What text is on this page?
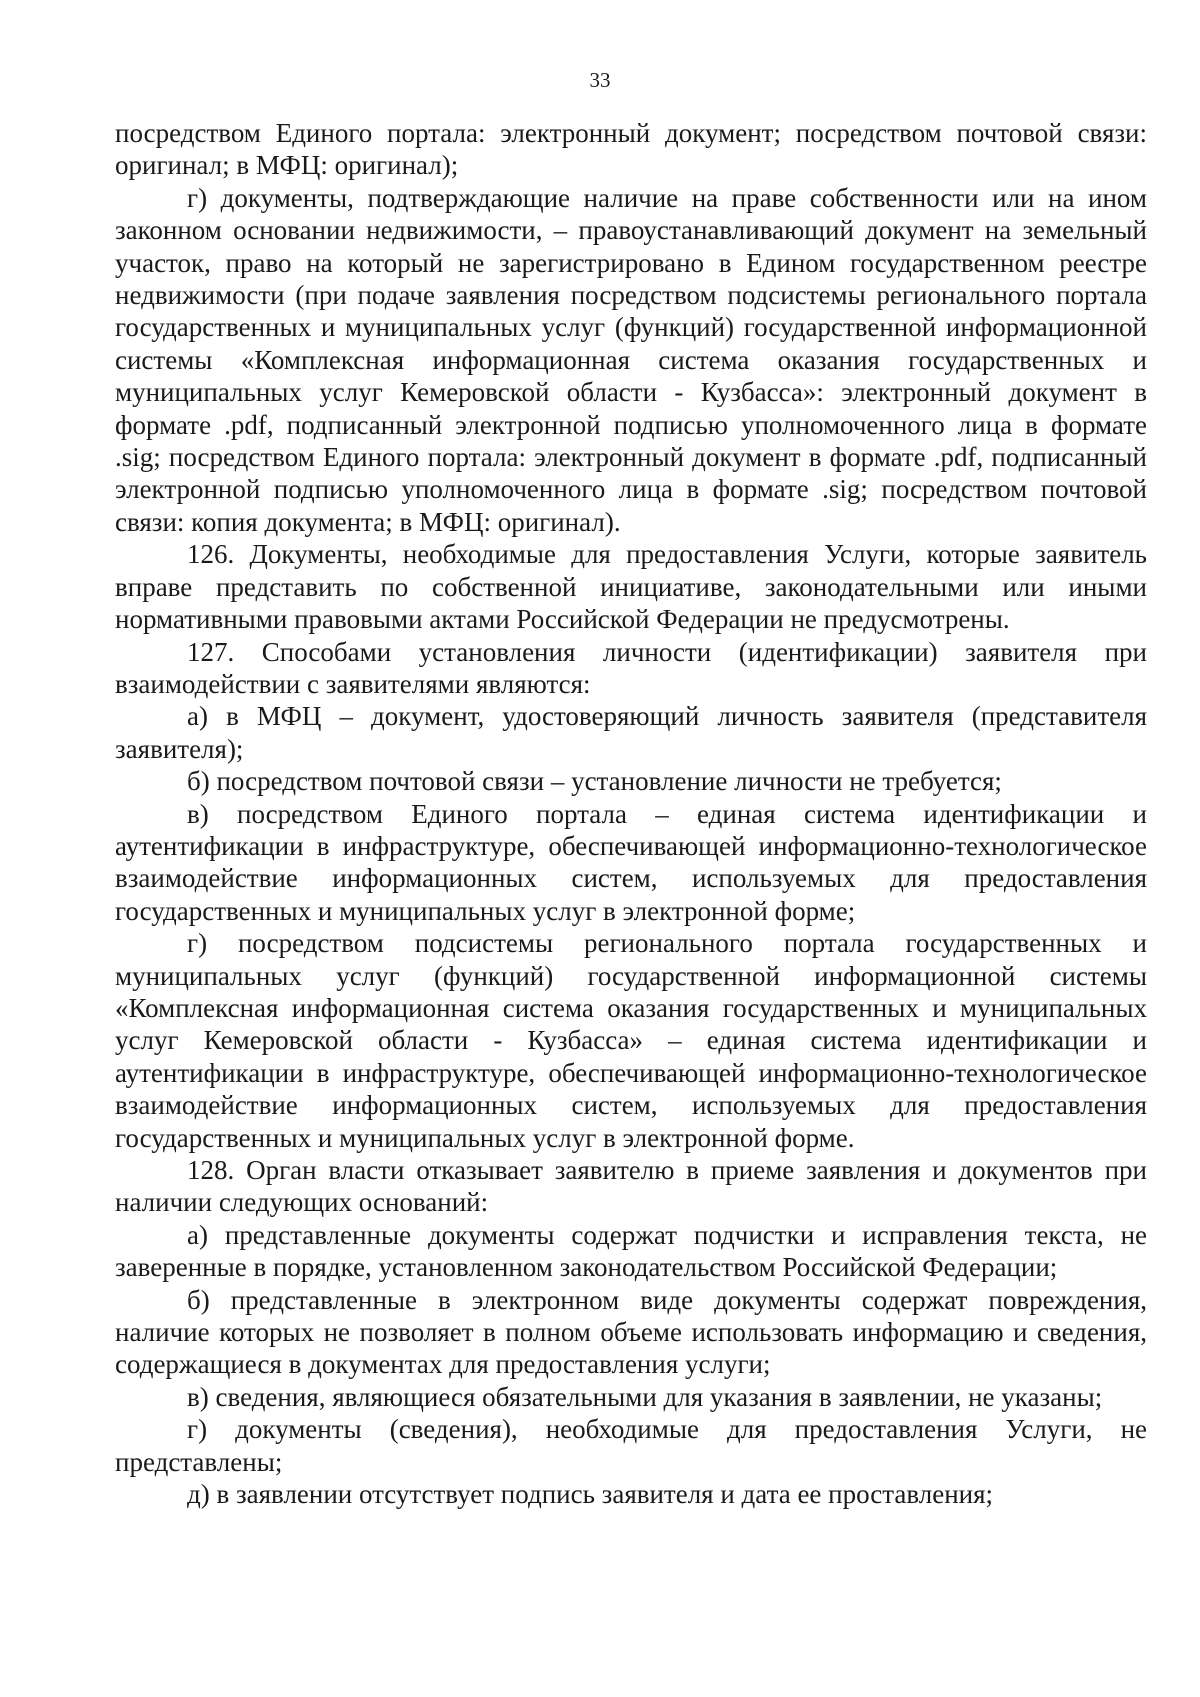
33

посредством Единого портала: электронный документ; посредством почтовой связи: оригинал; в МФЦ: оригинал);

г) документы, подтверждающие наличие на праве собственности или на ином законном основании недвижимости, – правоустанавливающий документ на земельный участок, право на который не зарегистрировано в Едином государственном реестре недвижимости (при подаче заявления посредством подсистемы регионального портала государственных и муниципальных услуг (функций) государственной информационной системы «Комплексная информационная система оказания государственных и муниципальных услуг Кемеровской области - Кузбасса»: электронный документ в формате .pdf, подписанный электронной подписью уполномоченного лица в формате .sig; посредством Единого портала: электронный документ в формате .pdf, подписанный электронной подписью уполномоченного лица в формате .sig; посредством почтовой связи: копия документа; в МФЦ: оригинал).

126. Документы, необходимые для предоставления Услуги, которые заявитель вправе представить по собственной инициативе, законодательными или иными нормативными правовыми актами Российской Федерации не предусмотрены.

127. Способами установления личности (идентификации) заявителя при взаимодействии с заявителями являются:

а) в МФЦ – документ, удостоверяющий личность заявителя (представителя заявителя);

б) посредством почтовой связи – установление личности не требуется;

в) посредством Единого портала – единая система идентификации и аутентификации в инфраструктуре, обеспечивающей информационно-технологическое взаимодействие информационных систем, используемых для предоставления государственных и муниципальных услуг в электронной форме;

г) посредством подсистемы регионального портала государственных и муниципальных услуг (функций) государственной информационной системы «Комплексная информационная система оказания государственных и муниципальных услуг Кемеровской области - Кузбасса» – единая система идентификации и аутентификации в инфраструктуре, обеспечивающей информационно-технологическое взаимодействие информационных систем, используемых для предоставления государственных и муниципальных услуг в электронной форме.

128. Орган власти отказывает заявителю в приеме заявления и документов при наличии следующих оснований:

а) представленные документы содержат подчистки и исправления текста, не заверенные в порядке, установленном законодательством Российской Федерации;

б) представленные в электронном виде документы содержат повреждения, наличие которых не позволяет в полном объеме использовать информацию и сведения, содержащиеся в документах для предоставления услуги;

в) сведения, являющиеся обязательными для указания в заявлении, не указаны;

г) документы (сведения), необходимые для предоставления Услуги, не представлены;

д) в заявлении отсутствует подпись заявителя и дата ее проставления;
